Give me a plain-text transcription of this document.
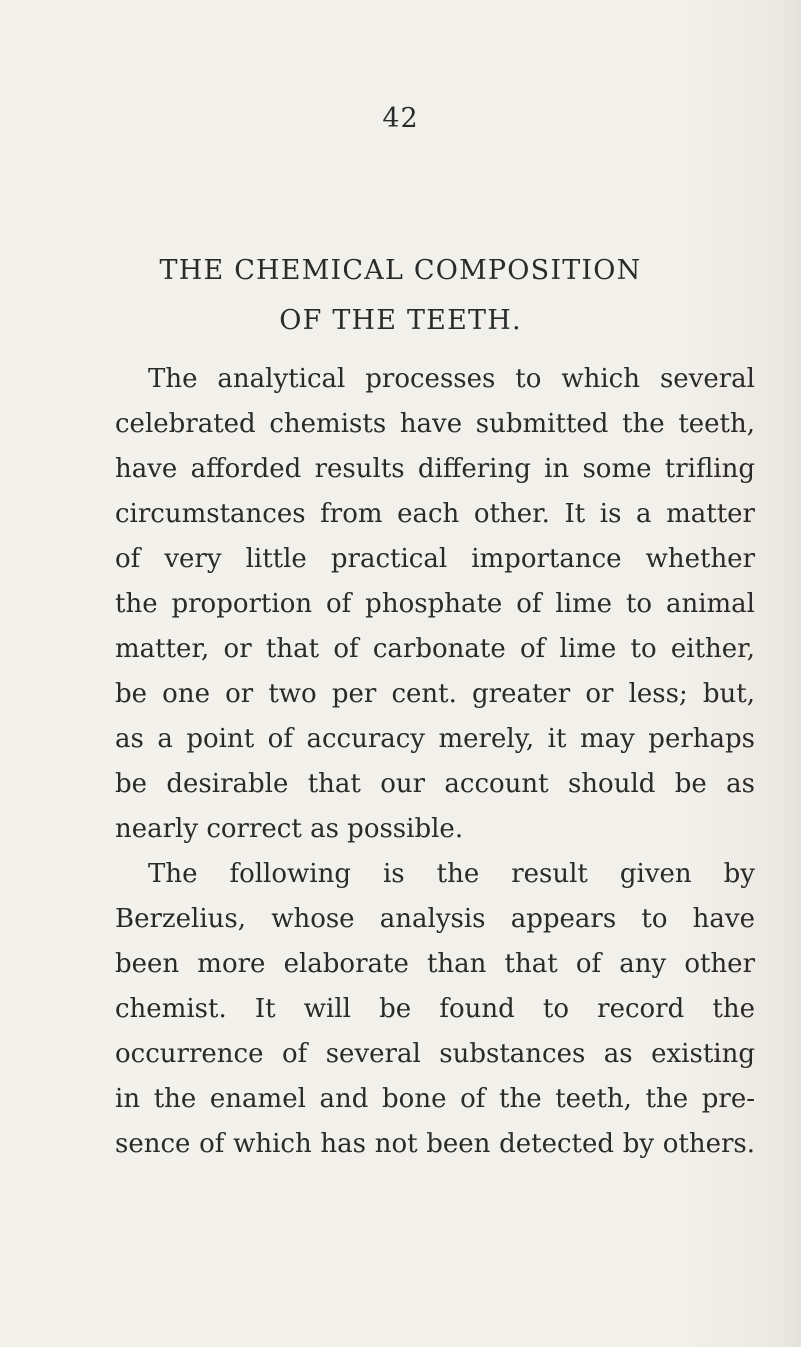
42
THE CHEMICAL COMPOSITION
OF THE TEETH.
The analytical processes to which several
celebrated chemists have submitted the teeth,
have afforded results differing in some trifling
circumstances from each other. It is a matter
of very little practical importance whether
the proportion of phosphate of lime to animal
matter, or that of carbonate of lime to either,
be one or two per cent. greater or less; but,
as a point of accuracy merely, it may perhaps
be desirable that our account should be as
nearly correct as possible.
The following is the result given by
Berzelius, whose analysis appears to have
been more elaborate than that of any other
chemist. It will be found to record the
occurrence of several substances as existing
in the enamel and bone of the teeth, the pre-
sence of which has not been detected by others.
